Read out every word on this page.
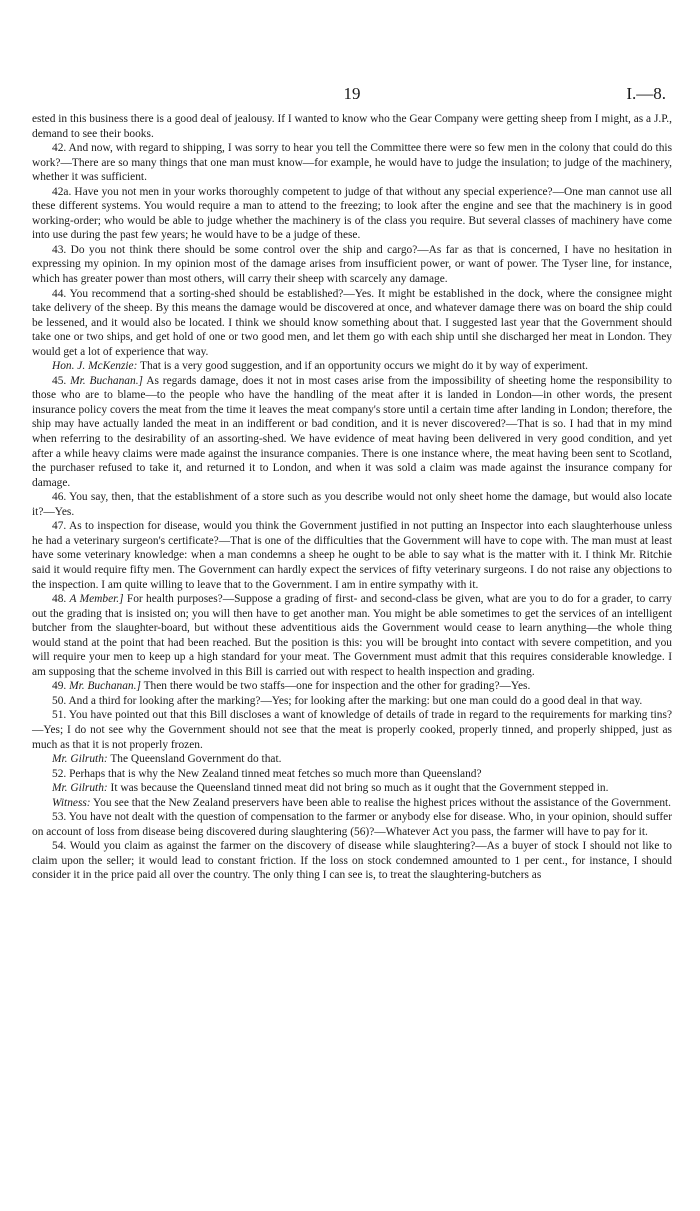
19	I.—8.

ested in this business there is a good deal of jealousy. If I wanted to know who the Gear Company were getting sheep from I might, as a J.P., demand to see their books.

42. And now, with regard to shipping, I was sorry to hear you tell the Committee there were so few men in the colony that could do this work?—There are so many things that one man must know—for example, he would have to judge the insulation; to judge of the machinery, whether it was sufficient.

42a. Have you not men in your works thoroughly competent to judge of that without any special experience?—One man cannot use all these different systems. You would require a man to attend to the freezing; to look after the engine and see that the machinery is in good working-order; who would be able to judge whether the machinery is of the class you require. But several classes of machinery have come into use during the past few years; he would have to be a judge of these.

43. Do you not think there should be some control over the ship and cargo?—As far as that is concerned, I have no hesitation in expressing my opinion. In my opinion most of the damage arises from insufficient power, or want of power. The Tyser line, for instance, which has greater power than most others, will carry their sheep with scarcely any damage.

44. You recommend that a sorting-shed should be established?—Yes. It might be established in the dock, where the consignee might take delivery of the sheep. By this means the damage would be discovered at once, and whatever damage there was on board the ship could be lessened, and it would also be located. I think we should know something about that. I suggested last year that the Government should take one or two ships, and get hold of one or two good men, and let them go with each ship until she discharged her meat in London. They would get a lot of experience that way.

Hon. J. McKenzie: That is a very good suggestion, and if an opportunity occurs we might do it by way of experiment.

45. Mr. Buchanan.] As regards damage, does it not in most cases arise from the impossibility of sheeting home the responsibility to those who are to blame—to the people who have the handling of the meat after it is landed in London—in other words, the present insurance policy covers the meat from the time it leaves the meat company's store until a certain time after landing in London; therefore, the ship may have actually landed the meat in an indifferent or bad condition, and it is never discovered?—That is so. I had that in my mind when referring to the desirability of an assorting-shed. We have evidence of meat having been delivered in very good condition, and yet after a while heavy claims were made against the insurance companies. There is one instance where, the meat having been sent to Scotland, the purchaser refused to take it, and returned it to London, and when it was sold a claim was made against the insurance company for damage.

46. You say, then, that the establishment of a store such as you describe would not only sheet home the damage, but would also locate it?—Yes.

47. As to inspection for disease, would you think the Government justified in not putting an Inspector into each slaughterhouse unless he had a veterinary surgeon's certificate?—That is one of the difficulties that the Government will have to cope with. The man must at least have some veterinary knowledge: when a man condemns a sheep he ought to be able to say what is the matter with it. I think Mr. Ritchie said it would require fifty men. The Government can hardly expect the services of fifty veterinary surgeons. I do not raise any objections to the inspection. I am quite willing to leave that to the Government. I am in entire sympathy with it.

48. A Member.] For health purposes?—Suppose a grading of first- and second-class be given, what are you to do for a grader, to carry out the grading that is insisted on; you will then have to get another man. You might be able sometimes to get the services of an intelligent butcher from the slaughter-board, but without these adventitious aids the Government would cease to learn anything—the whole thing would stand at the point that had been reached. But the position is this: you will be brought into contact with severe competition, and you will require your men to keep up a high standard for your meat. The Government must admit that this requires considerable knowledge. I am supposing that the scheme involved in this Bill is carried out with respect to health inspection and grading.

49. Mr. Buchanan.] Then there would be two staffs—one for inspection and the other for grading?—Yes.

50. And a third for looking after the marking?—Yes; for looking after the marking: but one man could do a good deal in that way.

51. You have pointed out that this Bill discloses a want of knowledge of details of trade in regard to the requirements for marking tins?—Yes; I do not see why the Government should not see that the meat is properly cooked, properly tinned, and properly shipped, just as much as that it is not properly frozen.

Mr. Gilruth: The Queensland Government do that.

52. Perhaps that is why the New Zealand tinned meat fetches so much more than Queensland?

Mr. Gilruth: It was because the Queensland tinned meat did not bring so much as it ought that the Government stepped in.

Witness: You see that the New Zealand preservers have been able to realise the highest prices without the assistance of the Government.

53. You have not dealt with the question of compensation to the farmer or anybody else for disease. Who, in your opinion, should suffer on account of loss from disease being discovered during slaughtering (56)?—Whatever Act you pass, the farmer will have to pay for it.

54. Would you claim as against the farmer on the discovery of disease while slaughtering?—As a buyer of stock I should not like to claim upon the seller; it would lead to constant friction. If the loss on stock condemned amounted to 1 per cent., for instance, I should consider it in the price paid all over the country. The only thing I can see is, to treat the slaughtering-butchers as
